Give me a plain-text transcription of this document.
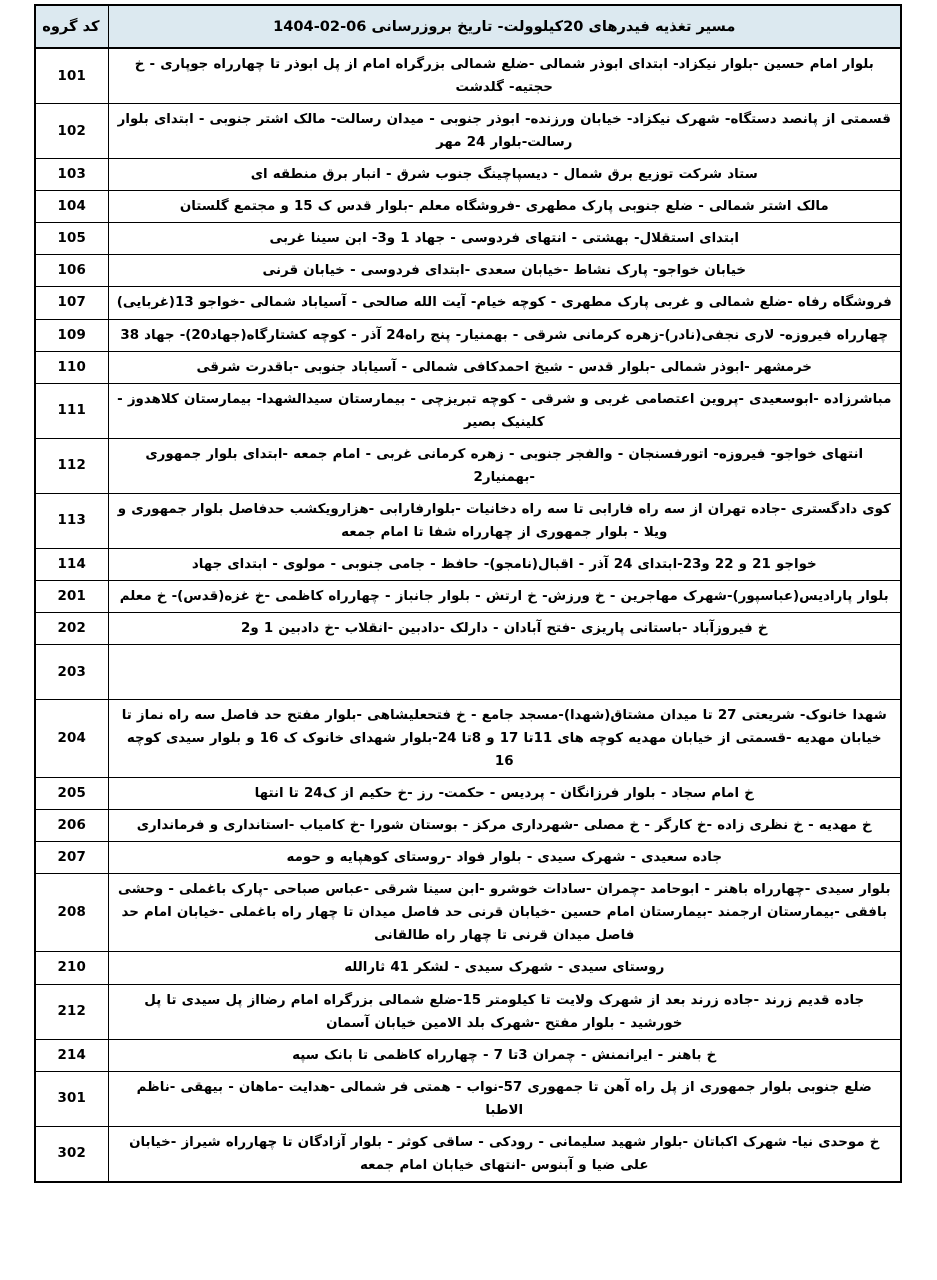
مسیر تغذیه فیدرهای 20کیلوولت- تاریخ بروزرسانی 06-02-1404	کد گروه
بلوار امام حسین -بلوار نیکزاد- ابتدای ابوذر شمالی -ضلع شمالی بزرگراه امام از پل ابوذر تا چهارراه جوپاری - خ حجتیه- گلدشت	101
قسمتی از پانصد دستگاه- شهرک نیکزاد- خیابان ورزنده- ابوذر جنوبی - میدان رسالت- مالک اشتر جنوبی - ابتدای بلوار رسالت-بلوار 24 مهر	102
ستاد شرکت توزیع برق شمال - دیسپاچینگ جنوب شرق - انبار برق منطقه ای	103
مالک اشتر شمالی - ضلع جنوبی پارک مطهری -فروشگاه معلم -بلوار قدس ک 15 و مجتمع گلستان	104
ابتدای استقلال- بهشتی - انتهای فردوسی - جهاد 1 و3- ابن سینا غربی	105
خیابان خواجو- پارک نشاط -خیابان سعدی -ابتدای فردوسی - خیابان قرنی	106
فروشگاه رفاه -ضلع شمالی و غربی پارک مطهری - کوچه خیام- آیت الله صالحی - آسیاباد شمالی -خواجو 13(غربایی)	107
چهارراه فیروزه- لاری نجفی(نادر)-زهره کرمانی شرقی - بهمنیار- پنج راه24 آذر - کوچه کشتارگاه(جهاد20)- جهاد 38	109
خرمشهر -ابوذر شمالی -بلوار قدس - شیخ احمدکافی شمالی - آسیاباد جنوبی -باقدرت شرقی	110
مباشرزاده -ابوسعیدی -پروین اعتصامی غربی و شرقی - کوچه تبریزچی - بیمارستان سیدالشهدا- بیمارستان کلاهدوز - کلینیک بصیر	111
انتهای خواجو- فیروزه- اتورفسنجان - والفجر جنوبی - زهره کرمانی غربی - امام جمعه -ابتدای بلوار جمهوری -بهمنیار2	112
کوی دادگستری -جاده تهران از سه راه فارابی تا سه راه دخانیات -بلوارفارابی -هزارویکشب حدفاصل بلوار جمهوری و ویلا - بلوار جمهوری از چهارراه شفا تا امام جمعه	113
خواجو 21 و 22 و23-ابتدای 24 آذر - اقبال(نامجو)- حافظ - جامی جنوبی - مولوی - ابتدای جهاد	114
بلوار پارادیس(عباسپور)-شهرک مهاجرین - خ ورزش- خ ارتش - بلوار جانباز - چهارراه کاظمی -خ غزه(قدس)- خ معلم	201
خ فیروزآباد -باستانی پاریزی -فتح آبادان - دارلک -دادبین -انقلاب -خ دادبین 1 و2	202
	203
شهدا خانوک- شریعتی 27 تا میدان مشتاق(شهدا)-مسجد جامع - خ فتحعلیشاهی -بلوار مفتح حد فاصل سه راه نماز تا خیابان مهدیه -قسمتی از خیابان مهدیه کوچه های 11تا 17 و 8تا 24-بلوار شهدای خانوک ک 16 و بلوار سیدی کوچه 16	204
خ امام سجاد - بلوار فرزانگان - پردیس - حکمت- رز -خ حکیم از ک24 تا انتها	205
خ مهدیه - خ نظری زاده -خ کارگر - خ مصلی -شهرداری مرکز - بوستان شورا -خ کامیاب -استانداری و فرمانداری	206
جاده سعیدی - شهرک سیدی - بلوار فواد -روستای کوهپایه و حومه	207
بلوار سیدی -چهارراه باهنر - ابوحامد -چمران -سادات خوشرو -ابن سینا شرقی -عباس صباحی -پارک باغملی - وحشی بافقی -بیمارستان ارجمند -بیمارستان امام حسین -خیابان قرنی حد فاصل میدان تا چهار راه باغملی -خیابان امام حد فاصل میدان قرنی تا چهار راه طالقانی	208
روستای سیدی - شهرک سیدی - لشکر 41 ثارالله	210
جاده قدیم زرند -جاده زرند بعد از شهرک ولایت تا کیلومتر 15-ضلع شمالی بزرگراه امام رضااز پل سیدی تا پل خورشید - بلوار مفتح -شهرک بلد الامین خیابان آسمان	212
خ باهنر - ایرانمنش - چمران 3تا 7 - چهارراه کاظمی تا بانک سپه	214
ضلع جنوبی بلوار جمهوری از پل راه آهن تا جمهوری 57-نواب - همتی فر شمالی -هدایت -ماهان - بیهقی -ناظم الاطبا	301
خ موحدی نیا- شهرک اکباتان -بلوار شهید سلیمانی - رودکی - ساقی کوثر - بلوار آزادگان تا چهارراه شیراز -خیابان علی ضیا و آبنوس -انتهای خیابان امام جمعه	302
